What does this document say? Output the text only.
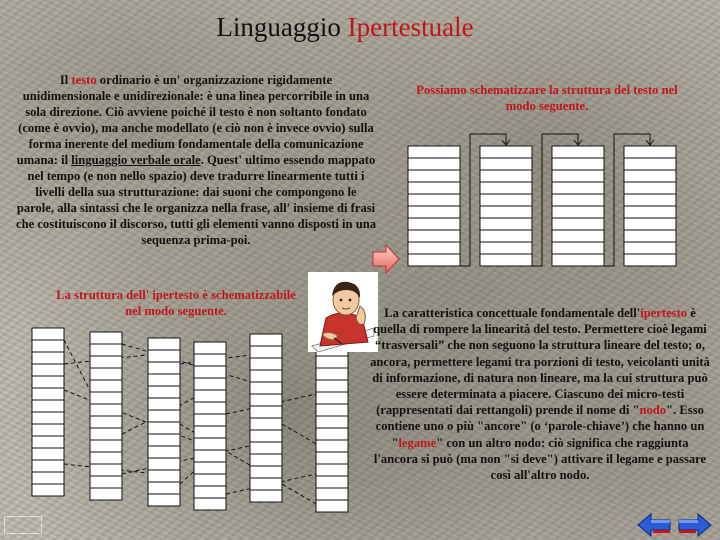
Linguaggio Ipertestuale
Il testo ordinario è un' organizzazione rigidamente unidimensionale e unidirezionale: è una linea percorribile in una sola direzione. Ciò avviene poiché il testo è non soltanto fondato (come è ovvio), ma anche modellato (e ciò non è invece ovvio) sulla forma inerente del medium fondamentale della comunicazione umana: il linguaggio verbale orale. Quest' ultimo essendo mappato nel tempo (e non nello spazio) deve tradurre linearmente tutti i livelli della sua strutturazione: dai suoni che compongono le parole, alla sintassi che le organizza nella frase, all' insieme di frasi che costituiscono il discorso, tutti gli elementi vanno disposti in una sequenza prima-poi.
Possiamo schematizzare la struttura del testo nel modo seguente.
La struttura dell' ipertesto è schematizzabile nel modo seguente.	La caratteristica concettuale fondamentale dell'ipertesto è quella di rompere la linearità del testo. Permettere cioè legami “trasversali” che non seguono la struttura lineare del testo; o, ancora, permettere legami tra porzioni di testo, veicolanti unità di informazione, di natura non lineare, ma la cui struttura può essere determinata a piacere. Ciascuno dei micro-testi (rappresentati dai rettangoli) prende il nome di "nodo". Esso contiene uno o più "ancore" (o ‘parole-chiave’) che hanno un "legame" con un altro nodo: ciò significa che raggiunta l'ancora si può (ma non "si deve") attivare il legame e passare così all'altro nodo.
